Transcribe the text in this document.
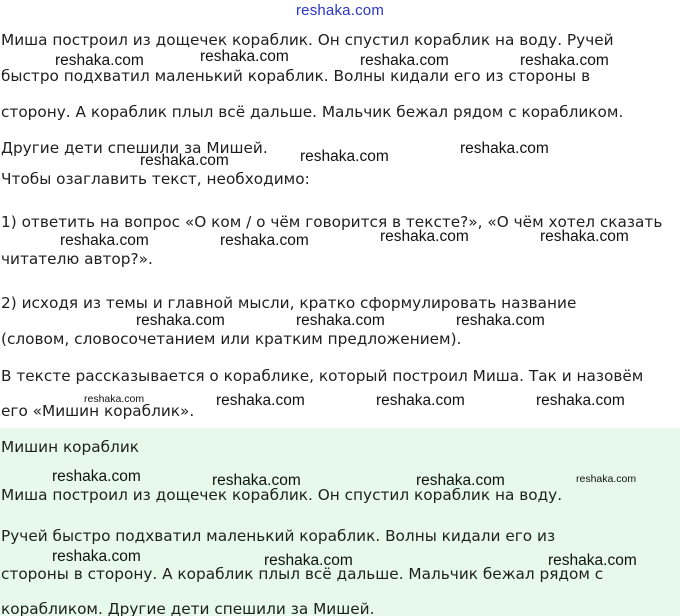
reshaka.com

Миша построил из дощечек кораблик. Он спустил кораблик на воду. Ручей

быстро подхватил маленький кораблик. Волны кидали его из стороны в

сторону. А кораблик плыл всё дальше. Мальчик бежал рядом с корабликом.

Другие дети спешили за Мишей.

Чтобы озаглавить текст, необходимо:

1) ответить на вопрос «О ком / о чём говорится в тексте?», «О чём хотел сказать

читателю автор?».

2) исходя из темы и главной мысли, кратко сформулировать название

(словом, словосочетанием или кратким предложением).

В тексте рассказывается о кораблике, который построил Миша. Так и назовём

его «Мишин кораблик».

Мишин кораблик

Миша построил из дощечек кораблик. Он спустил кораблик на воду.

Ручей быстро подхватил маленький кораблик. Волны кидали его из

стороны в сторону. А кораблик плыл всё дальше. Мальчик бежал рядом с

корабликом. Другие дети спешили за Мишей.

reshaka.com	reshaka.com	reshaka.com	reshaka.com
reshaka.com	reshaka.com	reshaka.com
reshaka.com	reshaka.com	reshaka.com	reshaka.com
reshaka.com	reshaka.com	reshaka.com
reshaka.com	reshaka.com	reshaka.com	reshaka.com
reshaka.com	reshaka.com	reshaka.com	reshaka.com
reshaka.com	reshaka.com	reshaka.com
